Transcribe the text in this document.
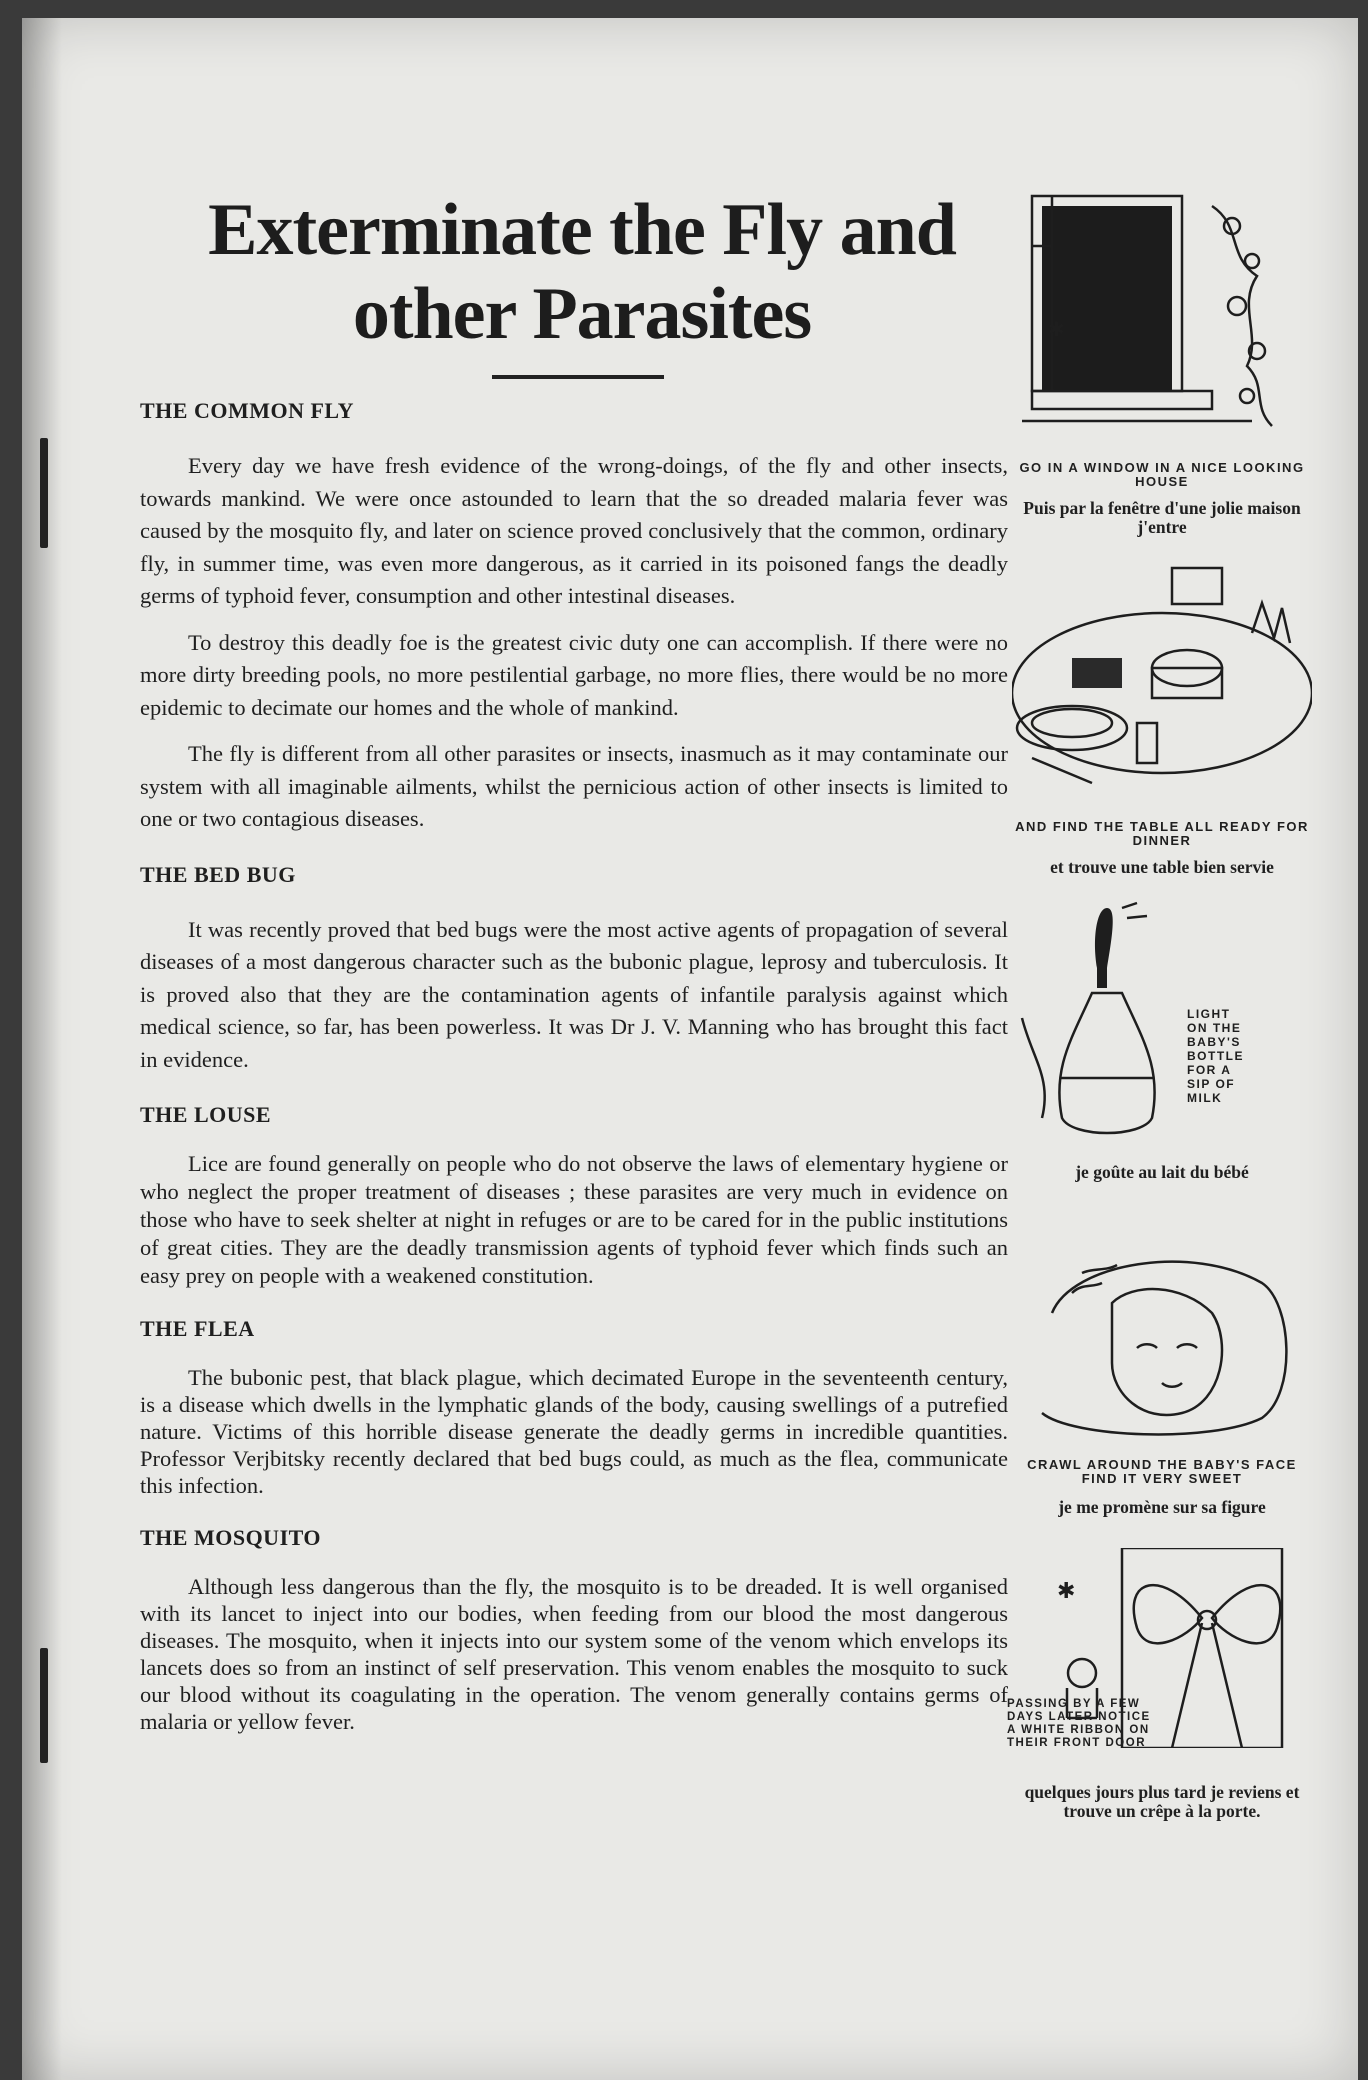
Exterminate the Fly and
other Parasites
THE COMMON FLY

Every day we have fresh evidence of the wrong-doings, of the fly and other insects, towards mankind. We were once astounded to learn that the so dreaded malaria fever was caused by the mosquito fly, and later on science proved conclusively that the common, ordinary fly, in summer time, was even more dangerous, as it carried in its poisoned fangs the deadly germs of typhoid fever, consumption and other intestinal diseases.

To destroy this deadly foe is the greatest civic duty one can accomplish. If there were no more dirty breeding pools, no more pestilential garbage, no more flies, there would be no more epidemic to decimate our homes and the whole of mankind.

The fly is different from all other parasites or insects, inasmuch as it may contaminate our system with all imaginable ailments, whilst the pernicious action of other insects is limited to one or two contagious diseases.

THE BED BUG

It was recently proved that bed bugs were the most active agents of propagation of several diseases of a most dangerous character such as the bubonic plague, leprosy and tuberculosis. It is proved also that they are the contamination agents of infantile paralysis against which medical science, so far, has been powerless. It was Dr J. V. Manning who has brought this fact in evidence.

THE LOUSE

Lice are found generally on people who do not observe the laws of elementary hygiene or who neglect the proper treatment of diseases ; these parasites are very much in evidence on those who have to seek shelter at night in refuges or are to be cared for in the public institutions of great cities. They are the deadly transmission agents of typhoid fever which finds such an easy prey on people with a weakened constitution.

THE FLEA

The bubonic pest, that black plague, which decimated Europe in the seventeenth century, is a disease which dwells in the lymphatic glands of the body, causing swellings of a putrefied nature. Victims of this horrible disease generate the deadly germs in incredible quantities. Professor Verjbitsky recently declared that bed bugs could, as much as the flea, communicate this infection.

THE MOSQUITO

Although less dangerous than the fly, the mosquito is to be dreaded. It is well organised with its lancet to inject into our bodies, when feeding from our blood the most dangerous diseases. The mosquito, when it injects into our system some of the venom which envelops its lancets does so from an instinct of self preservation. This venom enables the mosquito to suck our blood without its coagulating in the operation. The venom generally contains germs of malaria or yellow fever.

✱
GO IN A WINDOW IN A NICE LOOKING HOUSE
Puis par la fenêtre d'une jolie maison j'entre
AND FIND THE TABLE ALL READY FOR DINNER
et trouve une table bien servie
LIGHT
ON THE
BABY'S
BOTTLE
FOR A
SIP OF
MILK
je goûte au lait du bébé
CRAWL AROUND THE BABY'S FACE FIND IT VERY SWEET
je me promène sur sa figure
✱
PASSING BY A FEW DAYS LATER NOTICE A WHITE RIBBON ON THEIR FRONT DOOR
quelques jours plus tard je reviens et trouve un crêpe à la porte.
